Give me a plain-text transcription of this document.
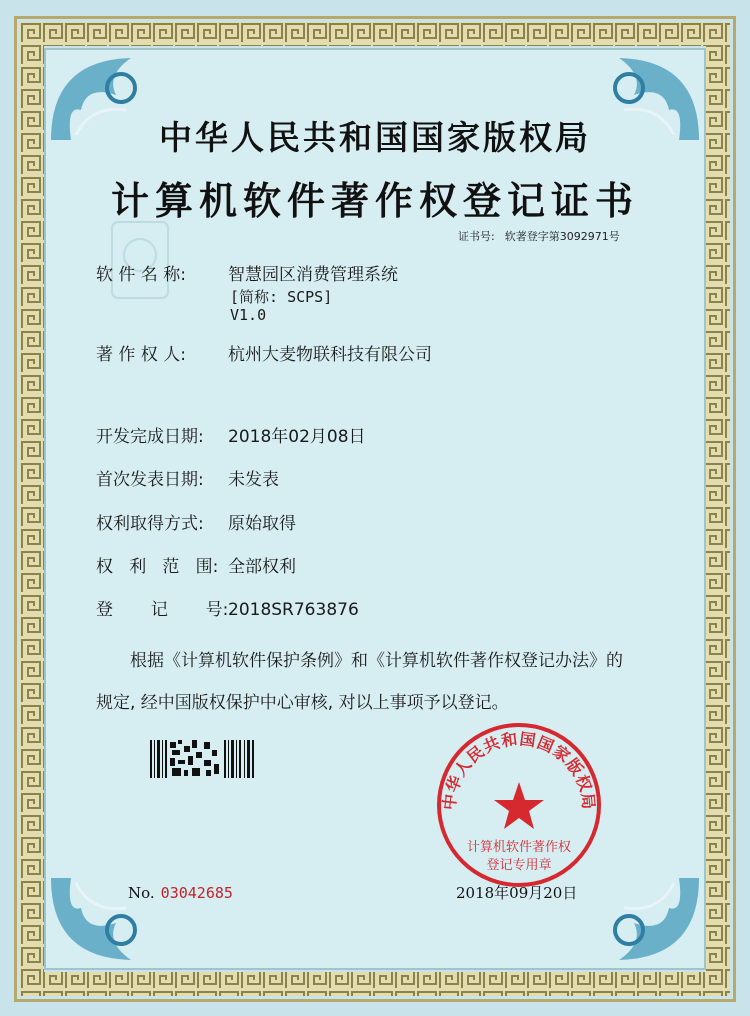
中华人民共和国国家版权局
计算机软件著作权登记证书
证书号: 软著登字第3092971号
软 件 名 称: 智慧园区消费管理系统
[简称: SCPS]
V1.0
著 作 权 人: 杭州大麦物联科技有限公司
开发完成日期: 2018年02月08日
首次发表日期: 未发表
权利取得方式: 原始取得
权   利   范   围: 全部权利
登       记       号:2018SR763876
根据《计算机软件保护条例》和《计算机软件著作权登记办法》的
规定, 经中国版权保护中心审核, 对以上事项予以登记。
中华人民共和国国家版权局
计算机软件著作权
登记专用章
No. 03042685	2018年09月20日
